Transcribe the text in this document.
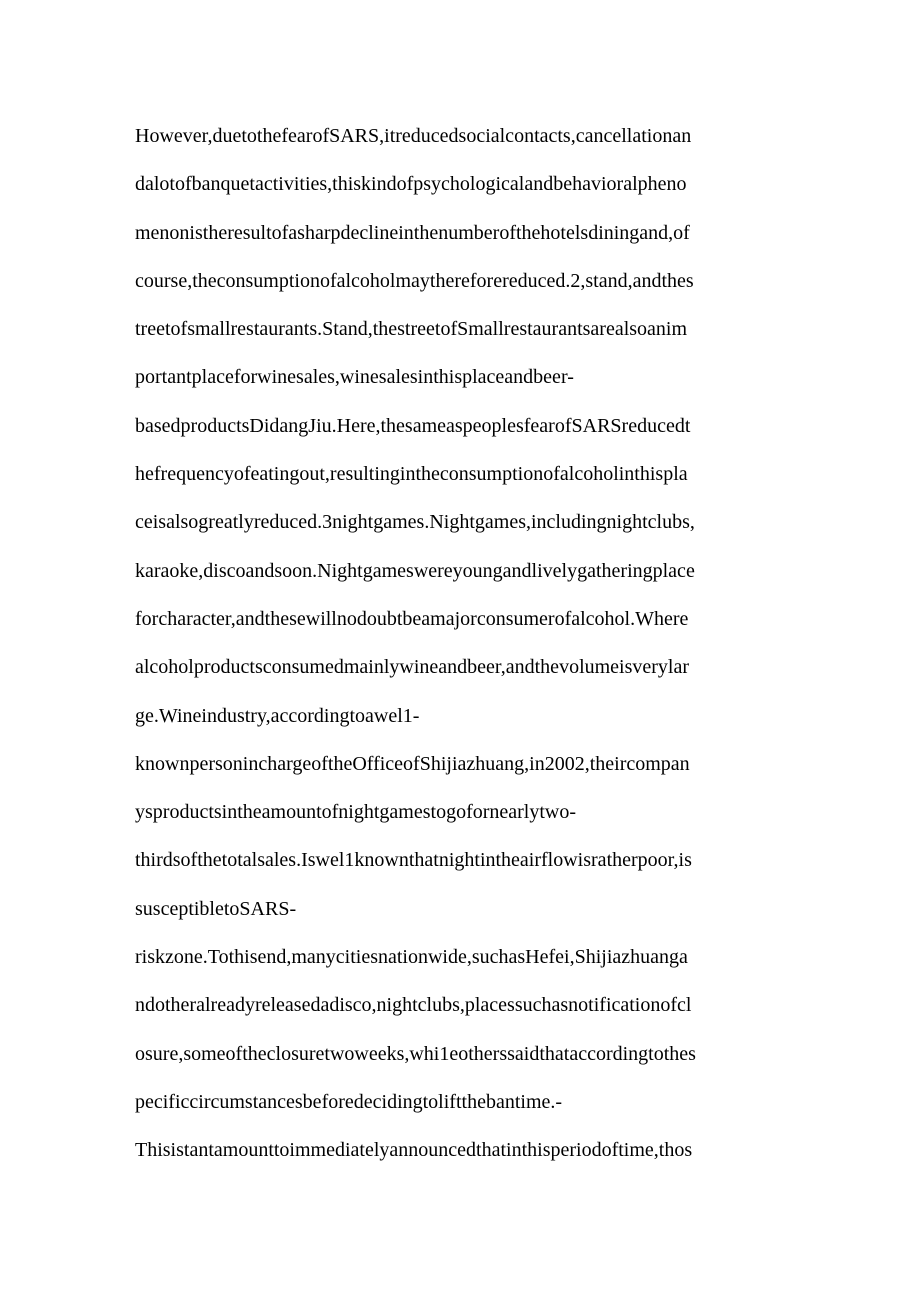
However,duetothefearofSARS,itreducedsocialcontacts,cancellationan
dalotofbanquetactivities,thiskindofpsychologicalandbehavioralpheno
menonistheresultofasharpdeclineinthenumberofthehotelsdiningand,of
course,theconsumptionofalcoholmaythereforereduced.2,stand,andthes
treetofsmallrestaurants.Stand,thestreetofSmallrestaurantsarealsoanim
portantplaceforwinesales,winesalesinthisplaceandbeer-
basedproductsDidangJiu.Here,thesameaspeoplesfearofSARSreducedt
hefrequencyofeatingout,resultingintheconsumptionofalcoholinthispla
ceisalsogreatlyreduced.3nightgames.Nightgames,includingnightclubs,
karaoke,discoandsoon.Nightgameswereyoungandlivelygatheringplace
forcharacter,andthesewillnodoubtbeamajorconsumerofalcohol.Where
alcoholproductsconsumedmainlywineandbeer,andthevolumeisverylar
ge.Wineindustry,accordingtoawel1-
knownpersoninchargeoftheOfficeofShijiazhuang,in2002,theircompan
ysproductsintheamountofnightgamestogofornearlytwo-
thirdsofthetotalsales.Iswel1knownthatnightintheairflowisratherpoor,is
susceptibletoSARS-
riskzone.Tothisend,manycitiesnationwide,suchasHefei,Shijiazhuanga
ndotheralreadyreleasedadisco,nightclubs,placessuchasnotificationofcl
osure,someoftheclosuretwoweeks,whi1eotherssaidthataccordingtothes
pecificcircumstancesbeforedecidingtoliftthebantime.-
Thisistantamounttoimmediatelyannouncedthatinthisperiodoftime,thos
